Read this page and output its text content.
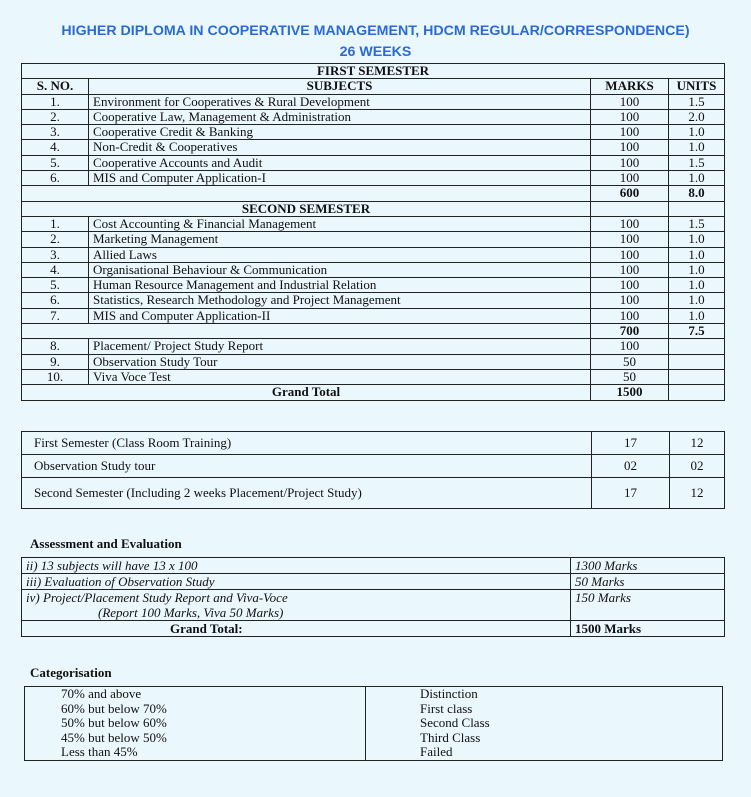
HIGHER DIPLOMA IN COOPERATIVE MANAGEMENT, HDCM REGULAR/CORRESPONDENCE)
26 WEEKS
FIRST SEMESTER			
S. NO.	SUBJECTS	MARKS	UNITS
1.	Environment for Cooperatives & Rural Development	100	1.5
2.	Cooperative Law, Management & Administration	100	2.0
3.	Cooperative Credit & Banking	100	1.0
4.	Non-Credit & Cooperatives	100	1.0
5.	Cooperative Accounts and Audit	100	1.5
6.	MIS and Computer Application-I	100	1.0
		600	8.0
SECOND SEMESTER			
1.	Cost Accounting & Financial Management	100	1.5
2.	Marketing Management	100	1.0
3.	Allied Laws	100	1.0
4.	Organisational Behaviour & Communication	100	1.0
5.	Human Resource Management and Industrial Relation	100	1.0
6.	Statistics, Research Methodology and Project Management	100	1.0
7.	MIS and Computer Application-II	100	1.0
		700	7.5
8.	Placement/ Project Study Report	100	
9.	Observation Study Tour	50	
10.	Viva Voce Test	50	
Grand Total		1500	
First Semester (Class Room Training)	17	12
Observation Study tour	02	02
Second Semester (Including 2 weeks Placement/Project Study)	17	12
Assessment and Evaluation
ii) 13 subjects will have 13 x 100	1300 Marks
iii) Evaluation of Observation Study	50 Marks

iv) Project/Placement Study Report and Viva-Voce
(Report 100 Marks, Viva 50 Marks)	150 Marks
Grand Total:	1500 Marks
Categorisation
70% and above	Distinction
60% but below 70%	First class
50% but below 60%	Second Class
45% but below 50%	Third Class
Less than 45%	Failed
